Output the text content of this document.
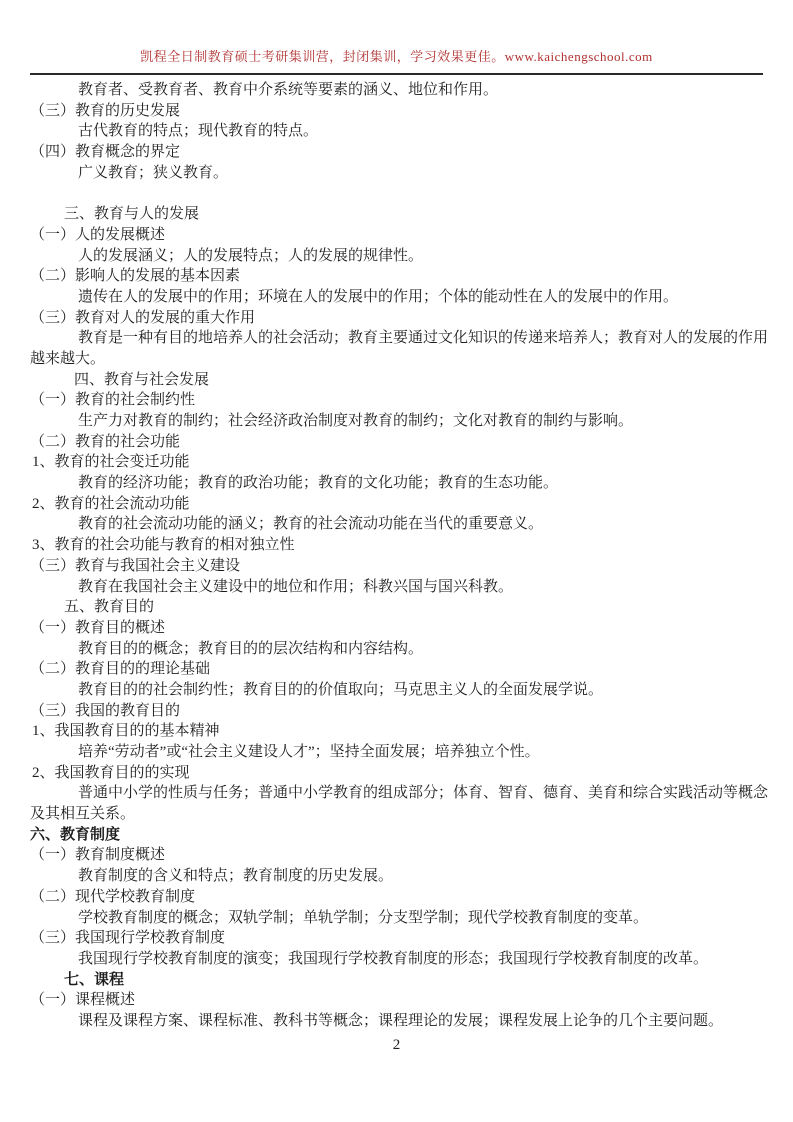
凯程全日制教育硕士考研集训营，封闭集训，学习效果更佳。www.kaichengschool.com
教育者、受教育者、教育中介系统等要素的涵义、地位和作用。
（三）教育的历史发展
古代教育的特点；现代教育的特点。
（四）教育概念的界定
广义教育；狭义教育。

三、教育与人的发展
（一）人的发展概述
人的发展涵义；人的发展特点；人的发展的规律性。
（二）影响人的发展的基本因素
遗传在人的发展中的作用；环境在人的发展中的作用；个体的能动性在人的发展中的作用。
（三）教育对人的发展的重大作用
教育是一种有目的地培养人的社会活动；教育主要通过文化知识的传递来培养人；教育对人的发展的作用
越来越大。
四、教育与社会发展
（一）教育的社会制约性
生产力对教育的制约；社会经济政治制度对教育的制约；文化对教育的制约与影响。
（二）教育的社会功能
1、教育的社会变迁功能
教育的经济功能；教育的政治功能；教育的文化功能；教育的生态功能。
2、教育的社会流动功能
教育的社会流动功能的涵义；教育的社会流动功能在当代的重要意义。
3、教育的社会功能与教育的相对独立性
（三）教育与我国社会主义建设
教育在我国社会主义建设中的地位和作用；科教兴国与国兴科教。
五、教育目的
（一）教育目的概述
教育目的的概念；教育目的的层次结构和内容结构。
（二）教育目的的理论基础
教育目的的社会制约性；教育目的的价值取向；马克思主义人的全面发展学说。
（三）我国的教育目的
1、我国教育目的的基本精神
培养“劳动者”或“社会主义建设人才”；坚持全面发展；培养独立个性。
2、我国教育目的的实现
普通中小学的性质与任务；普通中小学教育的组成部分；体育、智育、德育、美育和综合实践活动等概念
及其相互关系。
六、教育制度
（一）教育制度概述
教育制度的含义和特点；教育制度的历史发展。
（二）现代学校教育制度
学校教育制度的概念；双轨学制；单轨学制；分支型学制；现代学校教育制度的变革。
（三）我国现行学校教育制度
我国现行学校教育制度的演变；我国现行学校教育制度的形态；我国现行学校教育制度的改革。
七、课程
（一）课程概述
课程及课程方案、课程标准、教科书等概念；课程理论的发展；课程发展上论争的几个主要问题。
2
